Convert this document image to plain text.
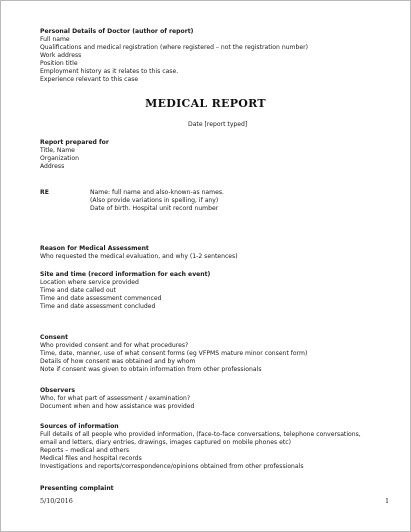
Personal Details of Doctor (author of report)
Full name
Qualifications and medical registration (where registered – not the registration number)
Work address
Position title
Employment history as it relates to this case.
Experience relevant to this case
MEDICAL REPORT
Date [report typed]
Report prepared for
Title, Name
Organization
Address
RE	Name: full name and also-known-as names.
(Also provide variations in spelling, if any)
Date of birth. Hospital unit record number
Reason for Medical Assessment
Who requested the medical evaluation, and why (1-2 sentences)
Site and time (record information for each event)
Location where service provided
Time and date called out
Time and date assessment commenced
Time and date assessment concluded
Consent
Who provided consent and for what procedures?
Time, date, manner, use of what consent forms (eg VFPMS mature minor consent form)
Details of how consent was obtained and by whom
Note if consent was given to obtain information from other professionals
Observers
Who, for what part of assessment / examination?
Document when and how assistance was provided
Sources of information
Full details of all people who provided information, (face-to-face conversations, telephone conversations,
email and letters, diary entries, drawings, images captured on mobile phones etc)
Reports – medical and others
Medical files and hospital records
Investigations and reports/correspondence/opinions obtained from other professionals
Presenting complaint
5/10/2016	1
